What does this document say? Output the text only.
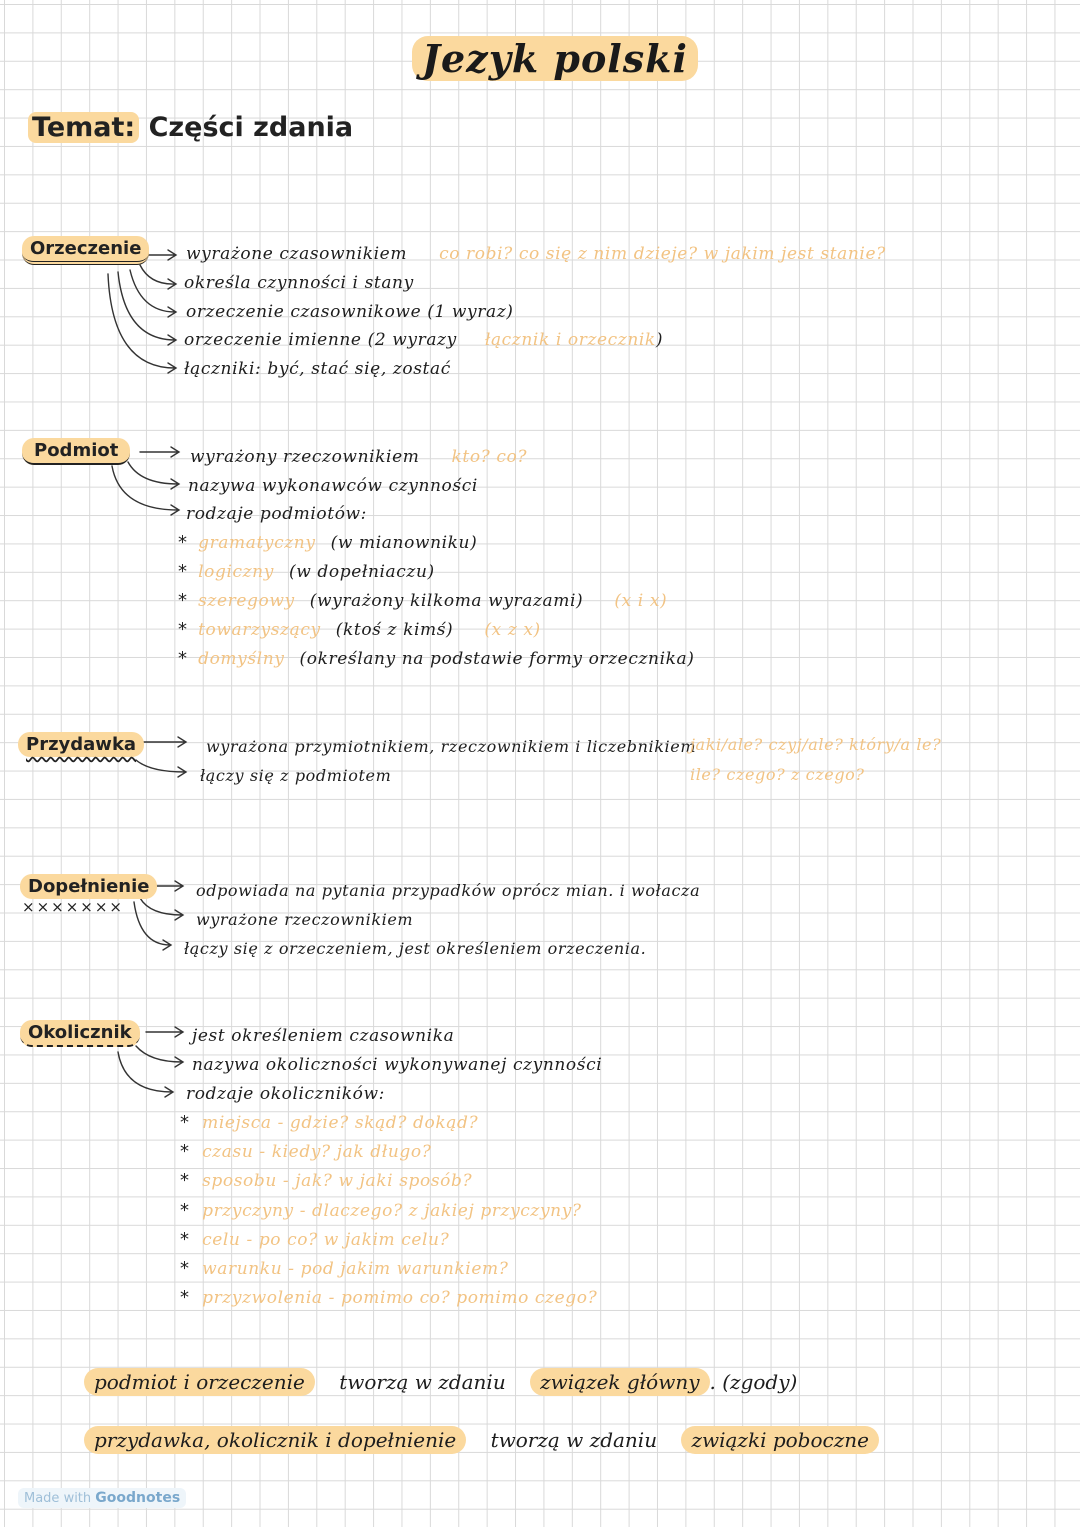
Jezyk polski
Temat: Części zdania
Orzeczenie	wyrażone czasownikiem co robi? co się z nim dzieje? w jakim jest stanie?
określa czynności i stany
orzeczenie czasownikowe (1 wyraz)
orzeczenie imienne (2 wyrazy łącznik i orzecznik)
łączniki: być, stać się, zostać
Podmiot	wyrażony rzeczownikiem kto? co?
nazywa wykonawców czynności
rodzaje podmiotów:
* gramatyczny (w mianowniku)
* logiczny (w dopełniaczu)
* szeregowy (wyrażony kilkoma wyrazami) (x i x)
* towarzyszący (ktoś z kimś) (x z x)
* domyślny (określany na podstawie formy orzecznika)
Przydawka	wyrażona przymiotnikiem, rzeczownikiem i liczebnikiem
jaki/ale? czyj/ale? który/a le?
łączy się z podmiotem	ile? czego? z czego?
Dopełnienie
×××××××
odpowiada na pytania przypadków oprócz mian. i wołacza
wyrażone rzeczownikiem
łączy się z orzeczeniem, jest określeniem orzeczenia.
Okolicznik	jest określeniem czasownika
nazywa okoliczności wykonywanej czynności
rodzaje okoliczników:
* miejsca - gdzie? skąd? dokąd?
* czasu - kiedy? jak długo?
* sposobu - jak? w jaki sposób?
* przyczyny - dlaczego? z jakiej przyczyny?
* celu - po co? w jakim celu?
* warunku - pod jakim warunkiem?
* przyzwolenia - pomimo co? pomimo czego?
podmiot i orzeczenie tworzą w zdaniu związek główny . (zgody)
przydawka, okolicznik i dopełnienie tworzą w zdaniu związki poboczne
Made with Goodnotes
